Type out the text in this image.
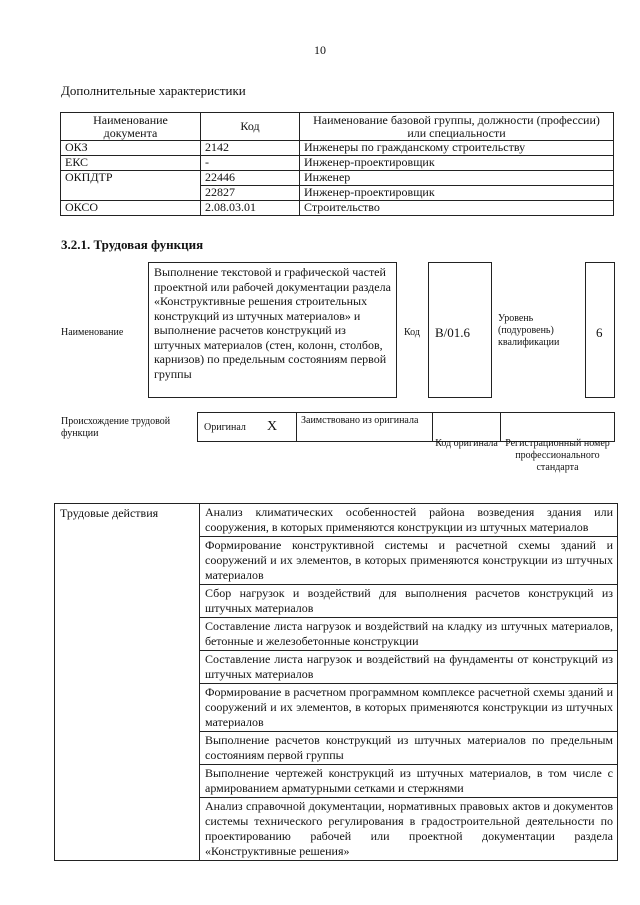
10
Дополнительные характеристики
Наименование документа	Код	Наименование базовой группы, должности (профессии) или специальности
ОКЗ	2142	Инженеры по гражданскому строительству
ЕКС	-	Инженер-проектировщик
ОКПДТР	22446	Инженер
	22827	Инженер-проектировщик
ОКСО	2.08.03.01	Строительство
3.2.1. Трудовая функция
Наименование
Выполнение текстовой и графической частей проектной или рабочей документации раздела «Конструктивные решения строительных конструкций из штучных материалов» и выполнение расчетов конструкций из штучных материалов (стен, колонн, столбов, карнизов) по предельным состояниям первой группы
Код B/01.6
Уровень (подуровень) квалификации
6
Происхождение трудовой функции
Оригинал X Заимствовано из оригинала
Код оригинала Регистрационный номер профессионального стандарта
Трудовые действия	Анализ климатических особенностей района возведения здания или сооружения, в которых применяются конструкции из штучных материалов
Формирование конструктивной системы и расчетной схемы зданий и сооружений и их элементов, в которых применяются конструкции из штучных материалов
Сбор нагрузок и воздействий для выполнения расчетов конструкций из штучных материалов
Составление листа нагрузок и воздействий на кладку из штучных материалов, бетонные и железобетонные конструкции
Составление листа нагрузок и воздействий на фундаменты от конструкций из штучных материалов
Формирование в расчетном программном комплексе расчетной схемы зданий и сооружений и их элементов, в которых применяются конструкции из штучных материалов
Выполнение расчетов конструкций из штучных материалов по предельным состояниям первой группы
Выполнение чертежей конструкций из штучных материалов, в том числе с армированием арматурными сетками и стержнями
Анализ справочной документации, нормативных правовых актов и документов системы технического регулирования в градостроительной деятельности по проектированию рабочей или проектной документации раздела «Конструктивные решения»
